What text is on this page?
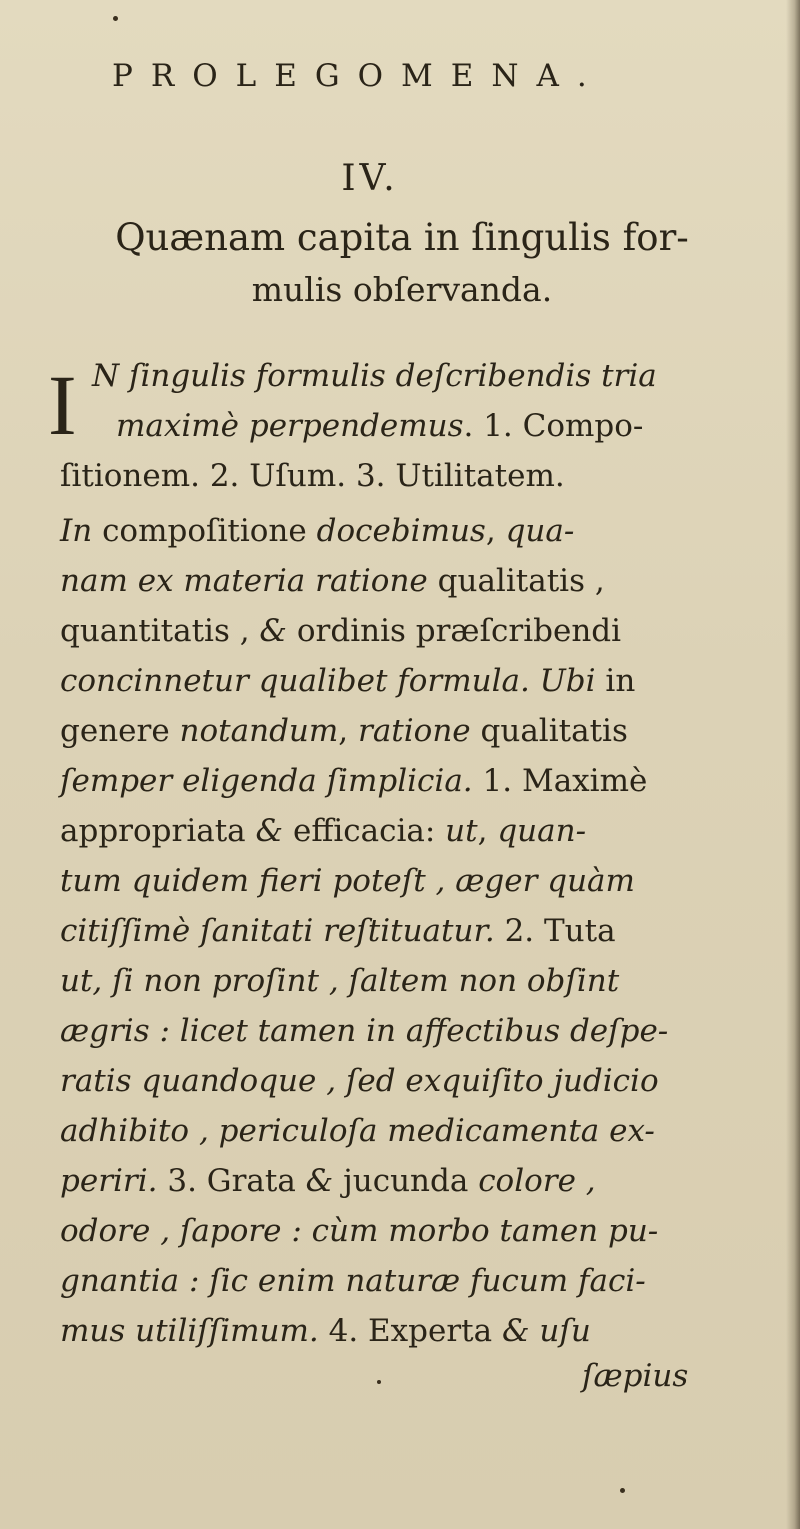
PROLEGOMENA.
IV.
Quænam capita in ſingulis for-
mulis obſervanda.
I N ſingulis formulis deſcribendis tria
maximè perpendemus. 1. Compo-
ſitionem. 2. Uſum. 3. Utilitatem.
In compoſitione docebimus, qua-
nam ex materia ratione qualitatis ,
quantitatis , & ordinis præſcribendi
concinnetur qualibet formula. Ubi in
genere notandum, ratione qualitatis
ſemper eligenda ſimplicia. 1. Maximè
appropriata & efficacia: ut, quan-
tum quidem fieri poteſt , æger quàm
citiſſimè ſanitati reſtituatur. 2. Tuta
ut, ſi non proſint , ſaltem non obſint
ægris : licet tamen in affectibus deſpe-
ratis quandoque , ſed exquiſito judicio
adhibito , periculoſa medicamenta ex-
periri. 3. Grata & jucunda colore ,
odore , ſapore : cùm morbo tamen pu-
gnantia : ſic enim naturæ fucum faci-
mus utiliſſimum. 4. Experta & uſu
ſæpius
